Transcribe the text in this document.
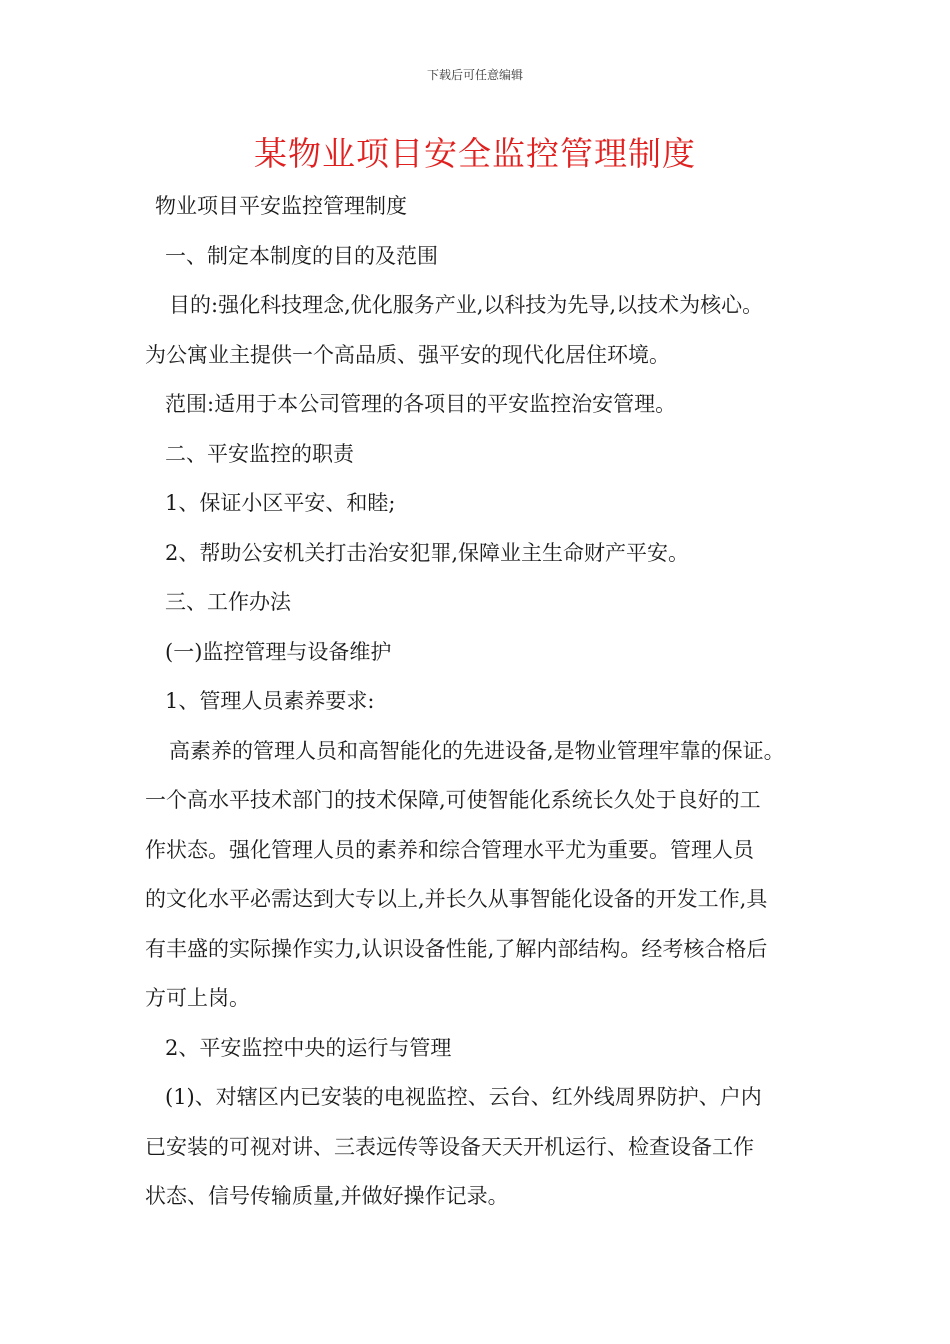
下载后可任意编辑
某物业项目安全监控管理制度
物业项目平安监控管理制度
一、制定本制度的目的及范围
目的:强化科技理念,优化服务产业,以科技为先导,以技术为核心。
为公寓业主提供一个高品质、强平安的现代化居住环境。
范围:适用于本公司管理的各项目的平安监控治安管理。
二、平安监控的职责
1、保证小区平安、和睦;
2、帮助公安机关打击治安犯罪,保障业主生命财产平安。
三、工作办法
(一)监控管理与设备维护
1、管理人员素养要求:
高素养的管理人员和高智能化的先进设备,是物业管理牢靠的保证。
一个高水平技术部门的技术保障,可使智能化系统长久处于良好的工
作状态。强化管理人员的素养和综合管理水平尤为重要。管理人员
的文化水平必需达到大专以上,并长久从事智能化设备的开发工作,具
有丰盛的实际操作实力,认识设备性能,了解内部结构。经考核合格后
方可上岗。
2、平安监控中央的运行与管理
(1)、对辖区内已安装的电视监控、云台、红外线周界防护、户内
已安装的可视对讲、三表远传等设备天天开机运行、检查设备工作
状态、信号传输质量,并做好操作记录。
